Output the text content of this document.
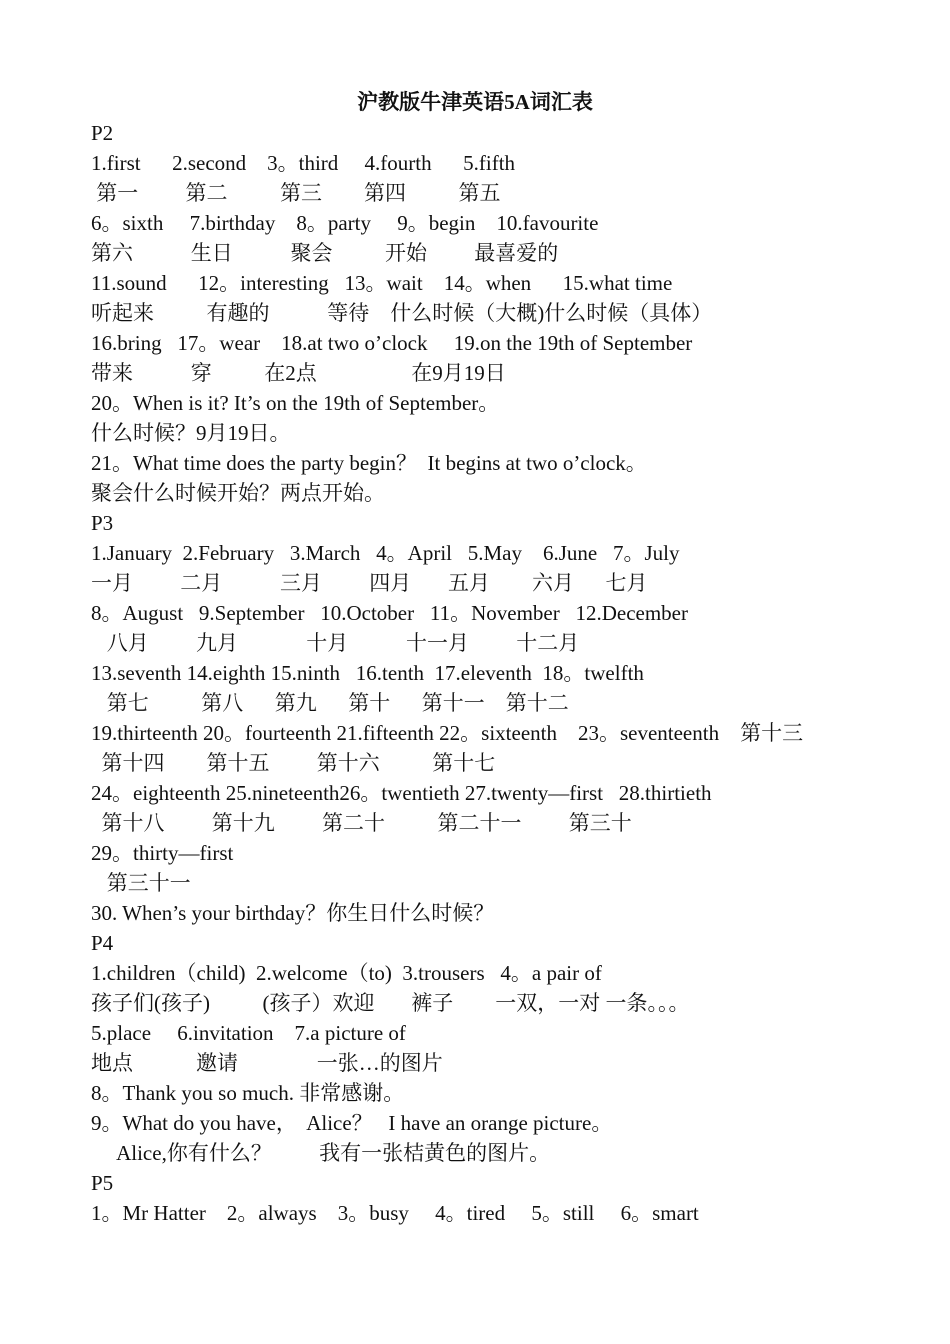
沪教版牛津英语5A词汇表
P2
1.first      2.second    3。third     4.fourth      5.fifth
第一         第二          第三        第四          第五
6。sixth     7.birthday    8。party     9。begin    10.favourite
第六           生日           聚会          开始         最喜爱的
11.sound      12。interesting   13。wait    14。when      15.what time
听起来          有趣的           等待    什么时候（大概)什么时候（具体）
16.bring   17。wear    18.at two o’clock     19.on the 19th of September
带来           穿          在2点                  在9月19日
20。When is it? It’s on the 19th of September。
什么时候？9月19日。
21。What time does the party begin？  It begins at two o’clock。
聚会什么时候开始？两点开始。
P3
1.January  2.February   3.March   4。April   5.May    6.June   7。July
一月         二月           三月         四月       五月        六月      七月
8。August   9.September   10.October   11。November   12.December
八月         九月             十月           十一月         十二月
13.seventh 14.eighth 15.ninth   16.tenth  17.eleventh  18。twelfth
第七          第八      第九      第十      第十一    第十二
19.thirteenth 20。fourteenth 21.fifteenth 22。sixteenth    23。seventeenth    第十三
第十四        第十五         第十六          第十七
24。eighteenth 25.nineteenth26。twentieth 27.twenty—first   28.thirtieth
第十八         第十九         第二十          第二十一         第三十
29。thirty—first
第三十一
30. When’s your birthday？你生日什么时候？
P4
1.children（child)  2.welcome（to)  3.trousers   4。a pair of
孩子们(孩子)          (孩子）欢迎       裤子        一双，一对 一条。。。
5.place     6.invitation    7.a picture of
地点            邀请               一张…的图片
8。Thank you so much. 非常感谢。
9。What do you have，  Alice？   I have an orange picture。
Alice,你有什么？         我有一张桔黄色的图片。
P5
1。Mr Hatter    2。always    3。busy     4。tired     5。still     6。smart
